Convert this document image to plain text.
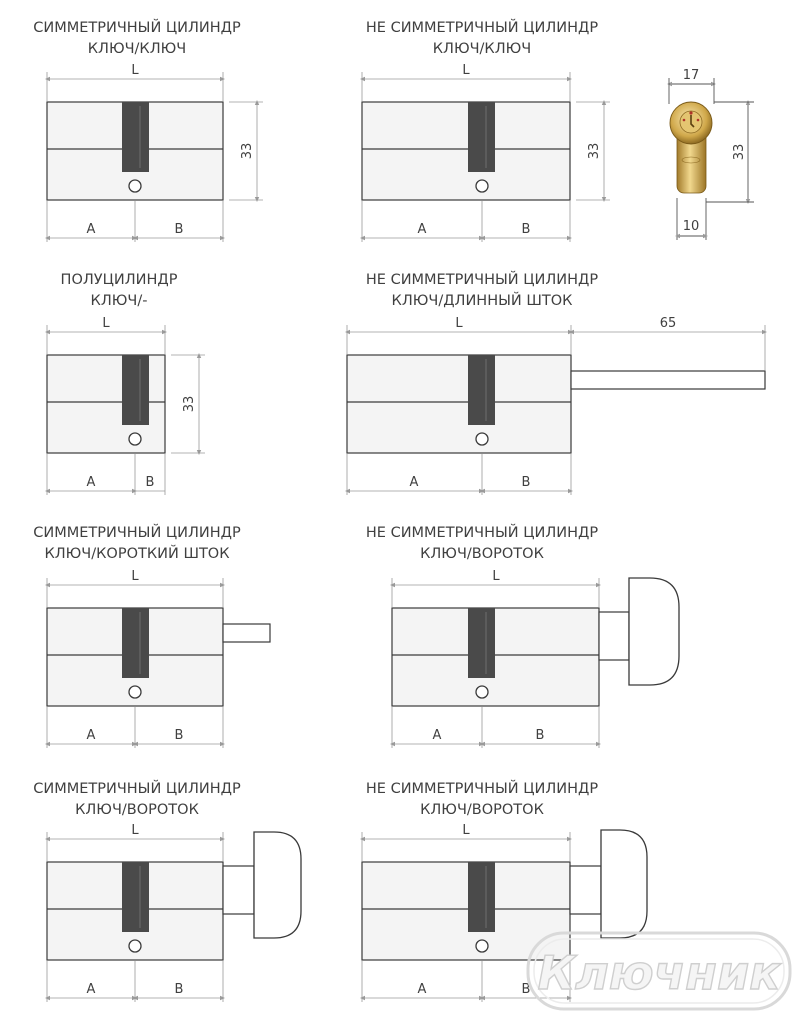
СИММЕТРИЧНЫЙ ЦИЛИНДР
КЛЮЧ/КЛЮЧ
L
33
A	B
НЕ СИММЕТРИЧНЫЙ ЦИЛИНДР
КЛЮЧ/КЛЮЧ
L
33
A	B
17
33
10
ПОЛУЦИЛИНДР
КЛЮЧ/-
L
33
A	B
НЕ СИММЕТРИЧНЫЙ ЦИЛИНДР
КЛЮЧ/ДЛИННЫЙ ШТОК
L	65
A	B
СИММЕТРИЧНЫЙ ЦИЛИНДР
КЛЮЧ/КОРОТКИЙ ШТОК
L
A	B
НЕ СИММЕТРИЧНЫЙ ЦИЛИНДР
КЛЮЧ/ВОРОТОК
L
A	B
СИММЕТРИЧНЫЙ ЦИЛИНДР
КЛЮЧ/ВОРОТОК
L
A	B
НЕ СИММЕТРИЧНЫЙ ЦИЛИНДР
КЛЮЧ/ВОРОТОК
L
A	B Ключник
